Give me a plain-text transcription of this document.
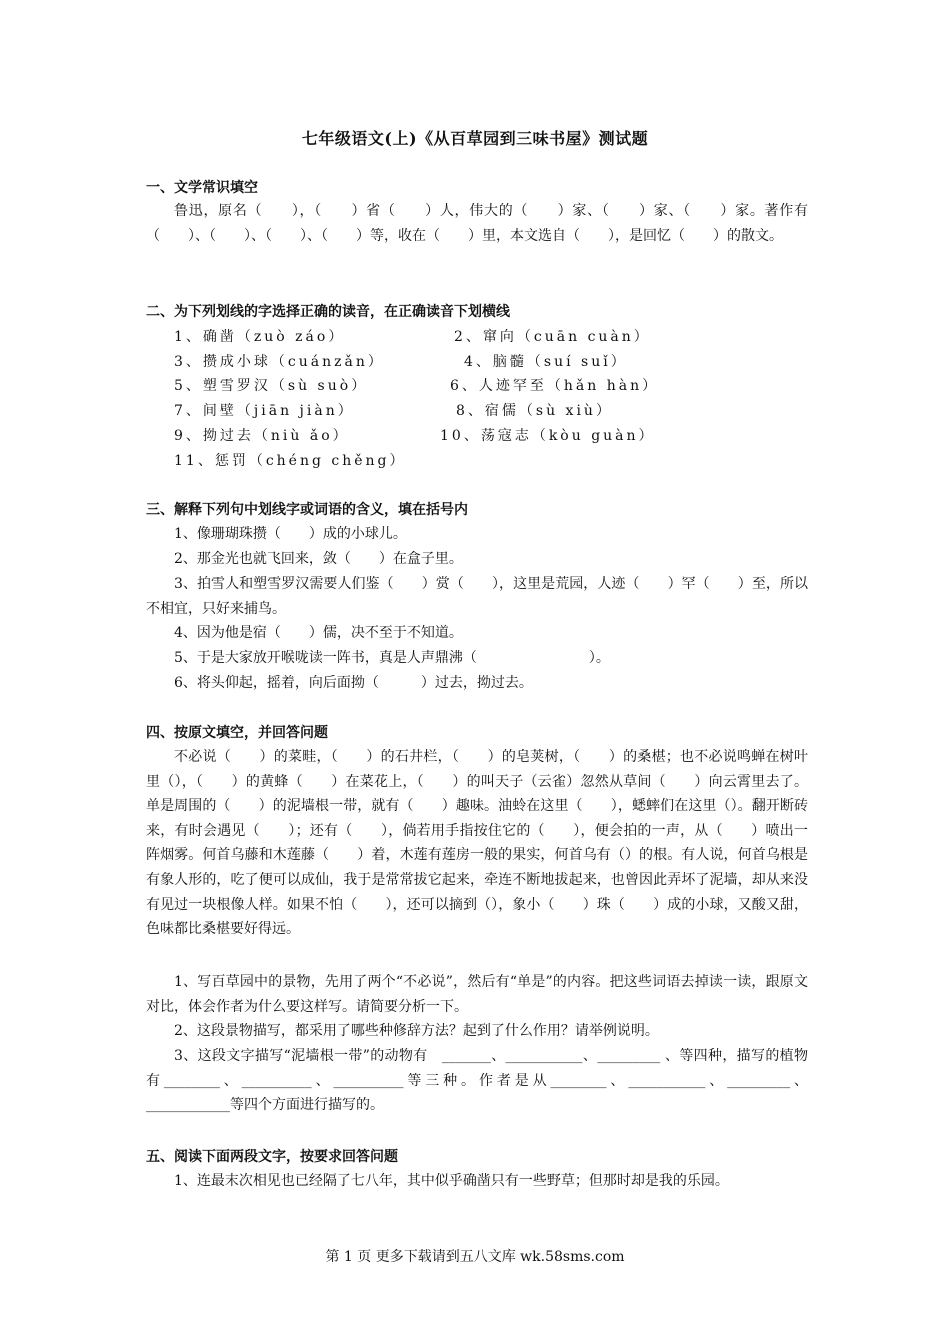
七年级语文(上)《从百草园到三味书屋》测试题
一、文学常识填空

鲁迅，原名（　　），（　　）省（　　）人，伟大的（　　）家、（　　）家、（　　）家。著作有（　　）、（　　）、（　　）、（　　）等，收在（　　）里，本文选自（　　），是回忆（　　）的散文。

二、为下列划线的字选择正确的读音，在正确读音下划横线
1、确凿（zuò záo）	2、窜向（cuān cuàn）
3、攒成小球（cuánzǎn）	4、脑髓（suí suǐ）
5、塑雪罗汉（sù suò）	6、人迹罕至（hǎn hàn）
7、间壁（jiān jiàn）	8、宿儒（sù xiù）
9、拗过去（niù ǎo）	10、荡寇志（kòu guàn）
11、惩罚（chéng chěng）
三、解释下列句中划线字或词语的含义，填在括号内

1、像珊瑚珠攒（　　）成的小球儿。

2、那金光也就飞回来，敛（　　）在盒子里。

3、拍雪人和塑雪罗汉需要人们鉴（　　）赏（　　），这里是荒园，人迹（　　）罕（　　）至，所以不相宜，只好来捕鸟。

4、因为他是宿（　　）儒，决不至于不知道。

5、于是大家放开喉咙读一阵书，真是人声鼎沸（　　　　　　　　）。

6、将头仰起，摇着，向后面拗（　　　）过去，拗过去。

四、按原文填空，并回答问题

不必说（　　）的菜畦，（　　）的石井栏，（　　）的皂荚树，（　　）的桑椹；也不必说鸣蝉在树叶里（），（　　）的黄蜂（　　）在菜花上，（　　）的叫天子（云雀）忽然从草间（　　）向云霄里去了。单是周围的（　　）的泥墙根一带，就有（　　）趣味。油蛉在这里（　　），蟋蟀们在这里（）。翻开断砖来，有时会遇见（　　）；还有（　　），倘若用手指按住它的（　　），便会拍的一声，从（　　）喷出一阵烟雾。何首乌藤和木莲藤（　　）着，木莲有莲房一般的果实，何首乌有（）的根。有人说，何首乌根是有象人形的，吃了便可以成仙，我于是常常拔它起来，牵连不断地拔起来，也曾因此弄坏了泥墙，却从来没有见过一块根像人样。如果不怕（　　），还可以摘到（），象小（　　）珠（　　）成的小球，又酸又甜，色味都比桑椹要好得远。

1、写百草园中的景物，先用了两个“不必说”，然后有“单是”的内容。把这些词语去掉读一读，跟原文对比，体会作者为什么要这样写。请简要分析一下。

2、这段景物描写，都采用了哪些种修辞方法？起到了什么作用？请举例说明。

3、这段文字描写“泥墙根一带”的动物有　_______、___________、_________ 、等四种，描写的植物有________、__________、__________等三种。作者是从________、___________、_________、____________等四个方面进行描写的。

五、阅读下面两段文字，按要求回答问题

1、连最末次相见也已经隔了七八年，其中似乎确凿只有一些野草；但那时却是我的乐园。

第 1 页 更多下载请到五八文库 wk.58sms.com
